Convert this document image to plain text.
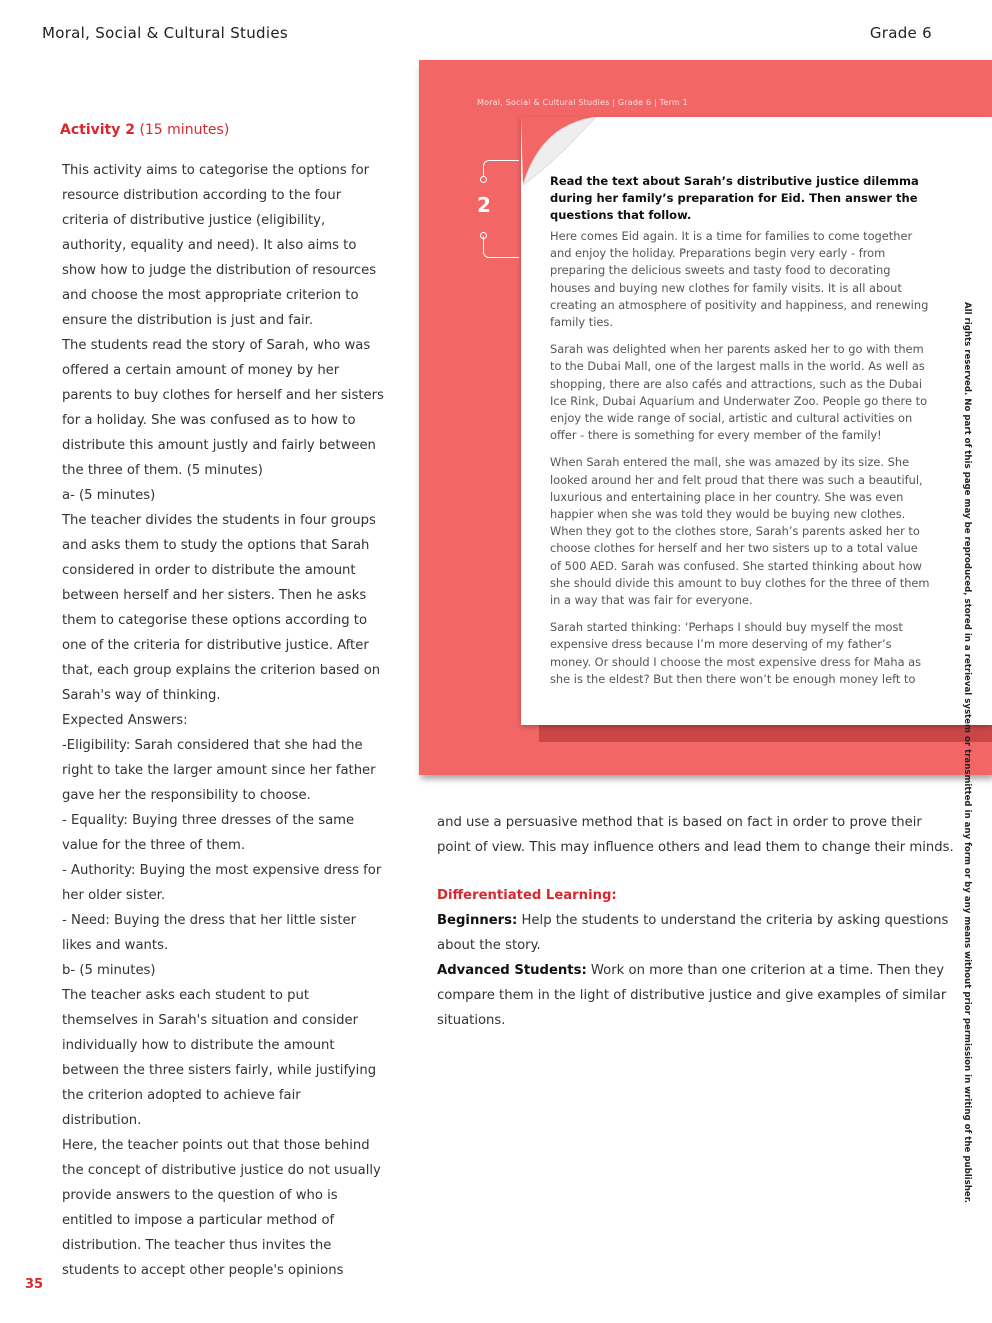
Moral, Social & Cultural Studies	Grade 6
Activity 2 (15 minutes)

This activity aims to categorise the options for resource distribution according to the four criteria of distributive justice (eligibility, authority, equality and need). It also aims to show how to judge the distribution of resources and choose the most appropriate criterion to ensure the distribution is just and fair.

The students read the story of Sarah, who was offered a certain amount of money by her parents to buy clothes for herself and her sisters for a holiday. She was confused as to how to distribute this amount justly and fairly between the three of them. (5 minutes)

a- (5 minutes)

The teacher divides the students in four groups and asks them to study the options that Sarah considered in order to distribute the amount between herself and her sisters. Then he asks them to categorise these options according to one of the criteria for distributive justice. After that, each group explains the criterion based on Sarah's way of thinking.

Expected Answers:

-Eligibility: Sarah considered that she had the right to take the larger amount since her father gave her the responsibility to choose.

- Equality: Buying three dresses of the same value for the three of them.

- Authority: Buying the most expensive dress for her older sister.

- Need: Buying the dress that her little sister likes and wants.

b- (5 minutes)

The teacher asks each student to put themselves in Sarah's situation and consider individually how to distribute the amount between the three sisters fairly, while justifying the criterion adopted to achieve fair distribution.

Here, the teacher points out that those behind the concept of distributive justice do not usually provide answers to the question of who is entitled to impose a particular method of distribution. The teacher thus invites the students to accept other people's opinions

Moral, Social & Cultural Studies | Grade 6 | Term 1
2
Read the text about Sarah’s distributive justice dilemma during her family’s preparation for Eid. Then answer the questions that follow.

Here comes Eid again. It is a time for families to come together and enjoy the holiday. Preparations begin very early - from preparing the delicious sweets and tasty food to decorating houses and buying new clothes for family visits. It is all about creating an atmosphere of positivity and happiness, and renewing family ties.

Sarah was delighted when her parents asked her to go with them to the Dubai Mall, one of the largest malls in the world. As well as shopping, there are also cafés and attractions, such as the Dubai Ice Rink, Dubai Aquarium and Underwater Zoo. People go there to enjoy the wide range of social, artistic and cultural activities on offer - there is something for every member of the family!

When Sarah entered the mall, she was amazed by its size. She looked around her and felt proud that there was such a beautiful, luxurious and entertaining place in her country. She was even happier when she was told they would be buying new clothes. When they got to the clothes store, Sarah’s parents asked her to choose clothes for herself and her two sisters up to a total value of 500 AED. Sarah was confused. She started thinking about how she should divide this amount to buy clothes for the three of them in a way that was fair for everyone.

Sarah started thinking: ‘Perhaps I should buy myself the most expensive dress because I’m more deserving of my father’s money. Or should I choose the most expensive dress for Maha as she is the eldest? But then there won’t be enough money left to

and use a persuasive method that is based on fact in order to prove their point of view. This may influence others and lead them to change their minds.

Differentiated Learning:

Beginners: Help the students to understand the criteria by asking questions about the story.

Advanced Students: Work on more than one criterion at a time. Then they compare them in the light of distributive justice and give examples of similar situations.	All rights reserved. No part of this page may be reproduced, stored in a retrieval system or transmitted in any form or by any means without prior permission in writing of the publisher.
35
